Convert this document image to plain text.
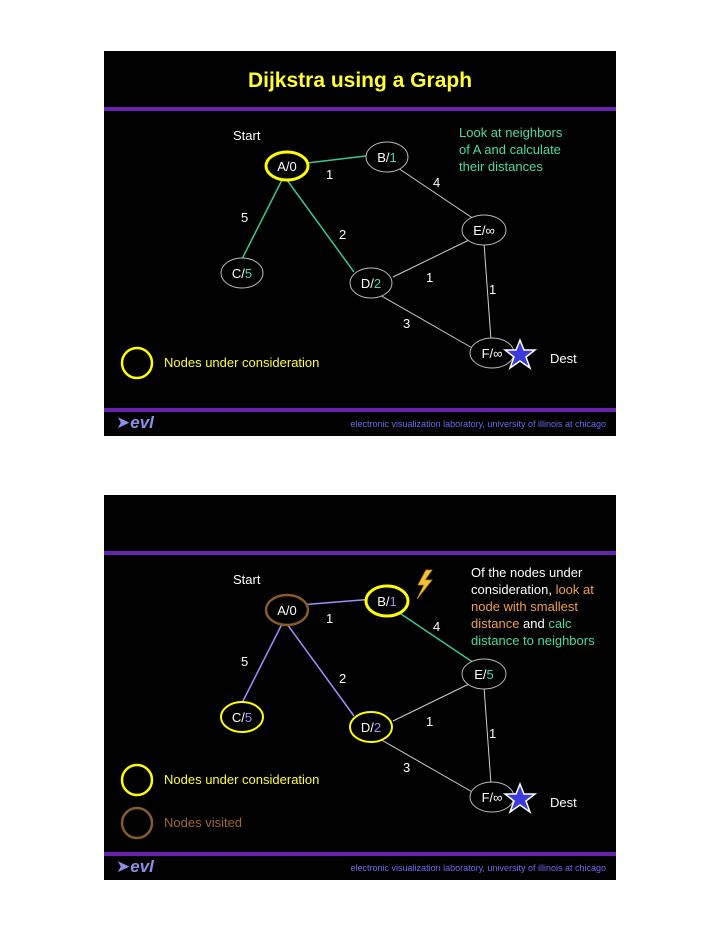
Dijkstra using a Graph
1
4
5
2
1
1
3
A/0
B/1
C/5
D/2
E/∞
F/∞
Start
Dest
Look at neighbors
of A and calculate
their distances
Nodes under consideration
➤evl	electronic visualization laboratory, university of illinois at chicago
1
4
5
2
1
1
3
A/0
B/1
C/5
D/2
E/5
F/∞
Start
Dest
Of the nodes under
consideration, look at
node with smallest
distance and calc
distance to neighbors
Nodes under consideration
Nodes visited
➤evl	electronic visualization laboratory, university of illinois at chicago
